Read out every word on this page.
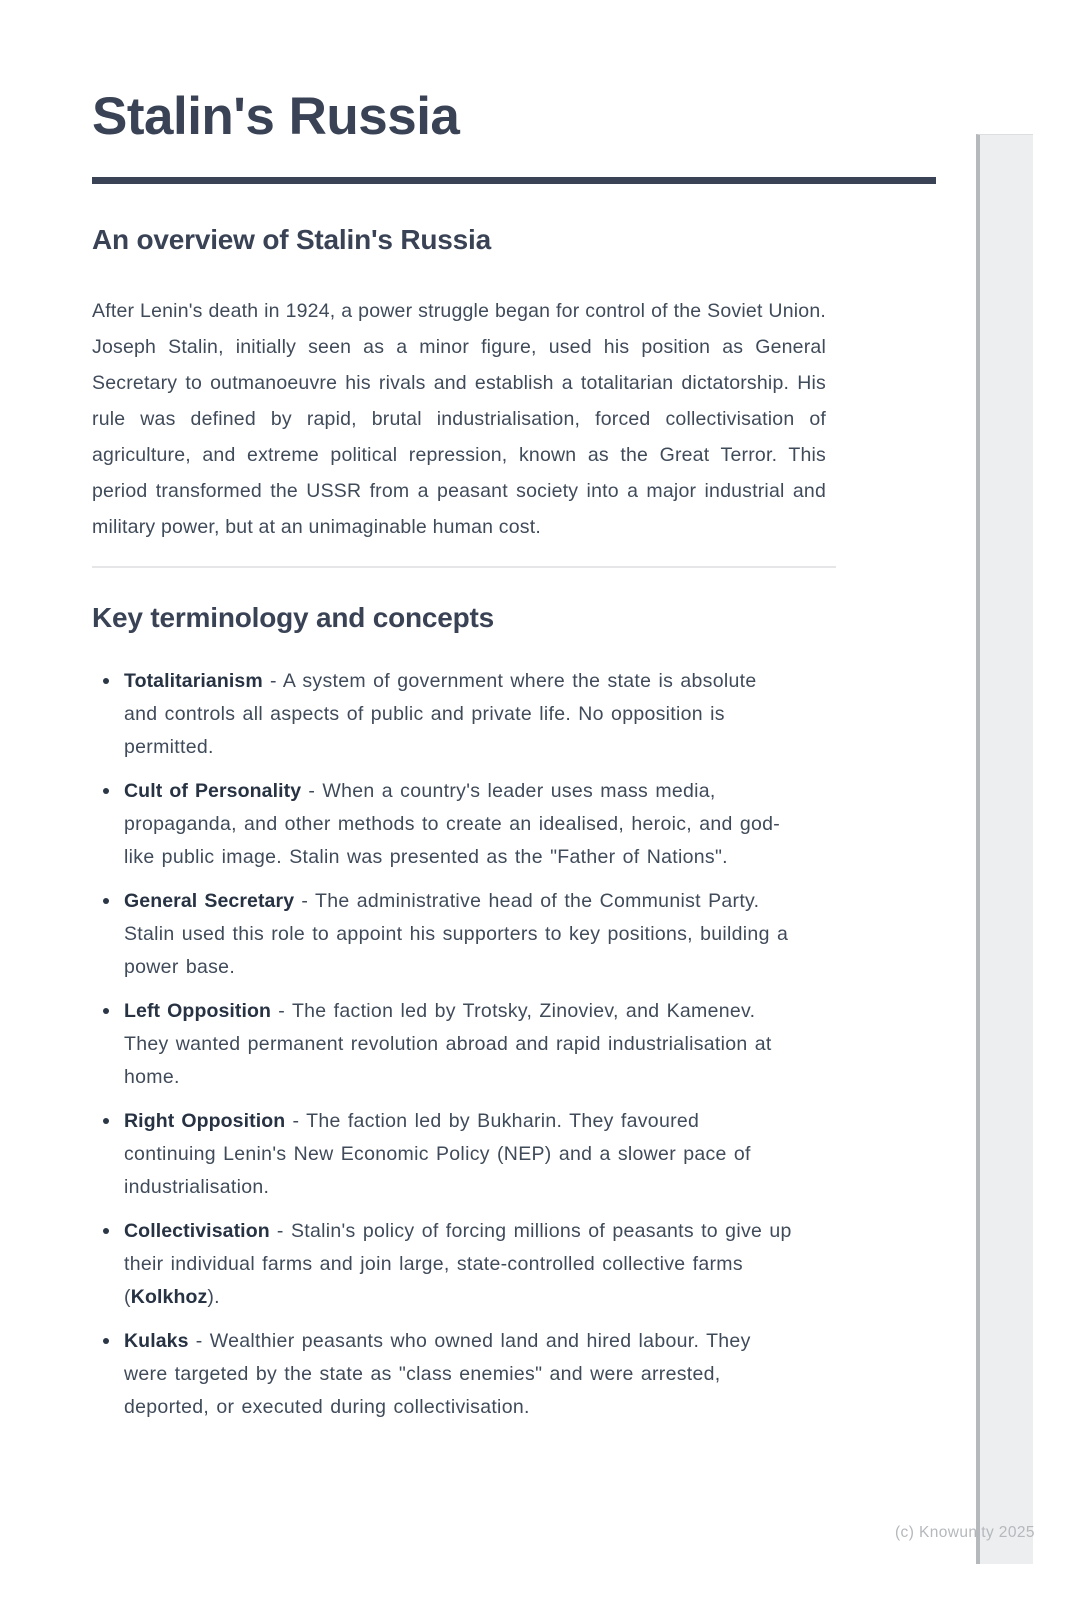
Stalin's Russia
An overview of Stalin's Russia

After Lenin's death in 1924, a power struggle began for control of the Soviet Union. Joseph Stalin, initially seen as a minor figure, used his position as General Secretary to outmanoeuvre his rivals and establish a totalitarian dictatorship. His rule was defined by rapid, brutal industrialisation, forced collectivisation of agriculture, and extreme political repression, known as the Great Terror. This period transformed the USSR from a peasant society into a major industrial and military power, but at an unimaginable human cost.

Key terminology and concepts
Totalitarianism - A system of government where the state is absolute and controls all aspects of public and private life. No opposition is permitted.
Cult of Personality - When a country's leader uses mass media, propaganda, and other methods to create an idealised, heroic, and god-like public image. Stalin was presented as the "Father of Nations".
General Secretary - The administrative head of the Communist Party. Stalin used this role to appoint his supporters to key positions, building a power base.
Left Opposition - The faction led by Trotsky, Zinoviev, and Kamenev. They wanted permanent revolution abroad and rapid industrialisation at home.
Right Opposition - The faction led by Bukharin. They favoured continuing Lenin's New Economic Policy (NEP) and a slower pace of industrialisation.
Collectivisation - Stalin's policy of forcing millions of peasants to give up their individual farms and join large, state-controlled collective farms (Kolkhoz).
Kulaks - Wealthier peasants who owned land and hired labour. They were targeted by the state as "class enemies" and were arrested, deported, or executed during collectivisation.
(c) Knowunity 2025
